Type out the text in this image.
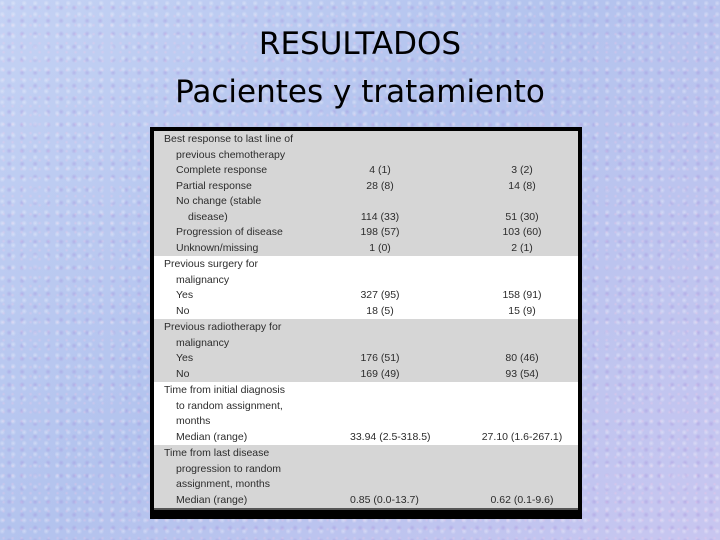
RESULTADOS
Pacientes y tratamiento
Best response to last line of
previous chemotherapy
Complete response	4 (1)	3 (2)
Partial response	28 (8)	14 (8)
No change (stable
disease)	114 (33)	51 (30)
Progression of disease	198 (57)	103 (60)
Unknown/missing	1 (0)	2 (1)
Previous surgery for
malignancy
Yes	327 (95)	158 (91)
No	18 (5)	15 (9)
Previous radiotherapy for
malignancy
Yes	176 (51)	80 (46)
No	169 (49)	93 (54)
Time from initial diagnosis
to random assignment,
months
Median (range)	33.94 (2.5-318.5)	27.10 (1.6-267.1)
Time from last disease
progression to random
assignment, months
Median (range)	0.85 (0.0-13.7)	0.62 (0.1-9.6)
